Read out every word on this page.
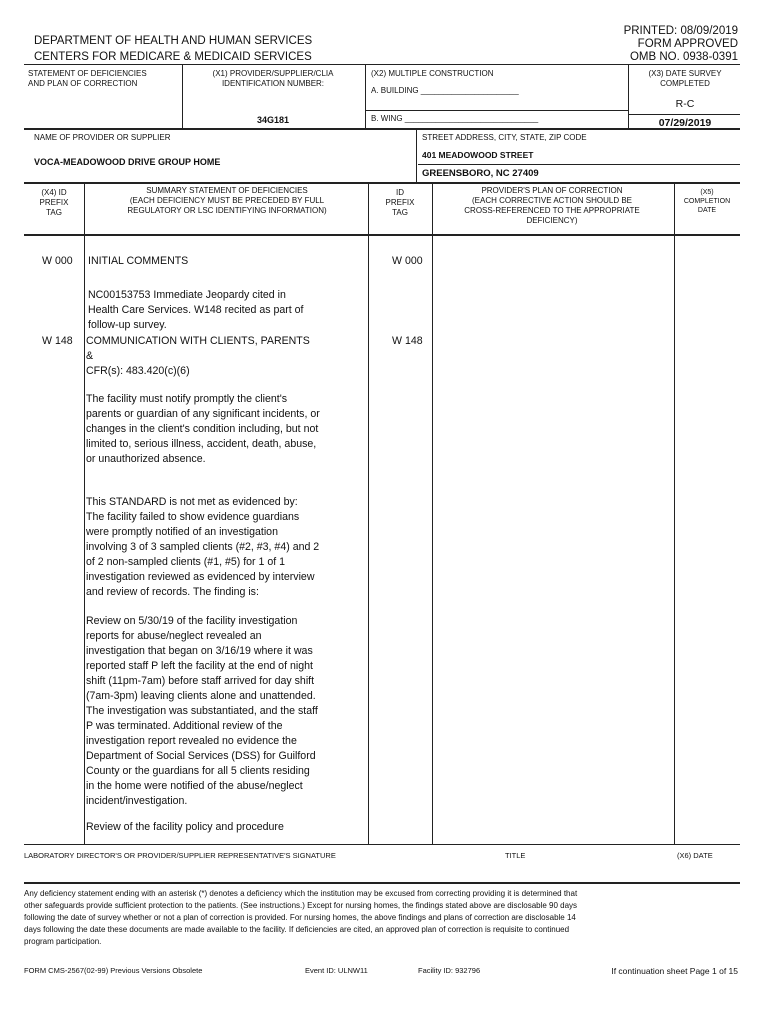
PRINTED: 08/09/2019
FORM APPROVED
OMB NO. 0938-0391
DEPARTMENT OF HEALTH AND HUMAN SERVICES
CENTERS FOR MEDICARE & MEDICAID SERVICES
STATEMENT OF DEFICIENCIES
AND PLAN OF CORRECTION
(X1) PROVIDER/SUPPLIER/CLIA
IDENTIFICATION NUMBER:
34G181
(X2) MULTIPLE CONSTRUCTION
A. BUILDING ______________________
B. WING ______________________________
(X3) DATE SURVEY
COMPLETED
R-C
07/29/2019
NAME OF PROVIDER OR SUPPLIER
VOCA-MEADOWOOD DRIVE GROUP HOME
STREET ADDRESS, CITY, STATE, ZIP CODE
401 MEADOWOOD STREET
GREENSBORO, NC 27409
(X4) ID
PREFIX
TAG
SUMMARY STATEMENT OF DEFICIENCIES
(EACH DEFICIENCY MUST BE PRECEDED BY FULL
REGULATORY OR LSC IDENTIFYING INFORMATION)
ID
PREFIX
TAG
PROVIDER'S PLAN OF CORRECTION
(EACH CORRECTIVE ACTION SHOULD BE
CROSS-REFERENCED TO THE APPROPRIATE
DEFICIENCY)
(X5)
COMPLETION
DATE
W 000	W 000
INITIAL COMMENTS
NC00153753 Immediate Jeopardy cited in
Health Care Services. W148 recited as part of
follow-up survey.
W 148	W 148
COMMUNICATION WITH CLIENTS, PARENTS
&
CFR(s): 483.420(c)(6)
The facility must notify promptly the client's
parents or guardian of any significant incidents, or
changes in the client's condition including, but not
limited to, serious illness, accident, death, abuse,
or unauthorized absence.
This STANDARD is not met as evidenced by:
The facility failed to show evidence guardians
were promptly notified of an investigation
involving 3 of 3 sampled clients (#2, #3, #4) and 2
of 2 non-sampled clients (#1, #5) for 1 of 1
investigation reviewed as evidenced by interview
and review of records. The finding is:
Review on 5/30/19 of the facility investigation
reports for abuse/neglect revealed an
investigation that began on 3/16/19 where it was
reported staff P left the facility at the end of night
shift (11pm-7am) before staff arrived for day shift
(7am-3pm) leaving clients alone and unattended.
The investigation was substantiated, and the staff
P was terminated. Additional review of the
investigation report revealed no evidence the
Department of Social Services (DSS) for Guilford
County or the guardians for all 5 clients residing
in the home were notified of the abuse/neglect
incident/investigation.
Review of the facility policy and procedure
LABORATORY DIRECTOR'S OR PROVIDER/SUPPLIER REPRESENTATIVE'S SIGNATURE	TITLE	(X6) DATE
Any deficiency statement ending with an asterisk (*) denotes a deficiency which the institution may be excused from correcting providing it is determined that
other safeguards provide sufficient protection to the patients. (See instructions.) Except for nursing homes, the findings stated above are disclosable 90 days
following the date of survey whether or not a plan of correction is provided. For nursing homes, the above findings and plans of correction are disclosable 14
days following the date these documents are made available to the facility. If deficiencies are cited, an approved plan of correction is requisite to continued
program participation.
FORM CMS-2567(02-99) Previous Versions Obsolete	Event ID: ULNW11	Facility ID: 932796	If continuation sheet Page 1 of 15
